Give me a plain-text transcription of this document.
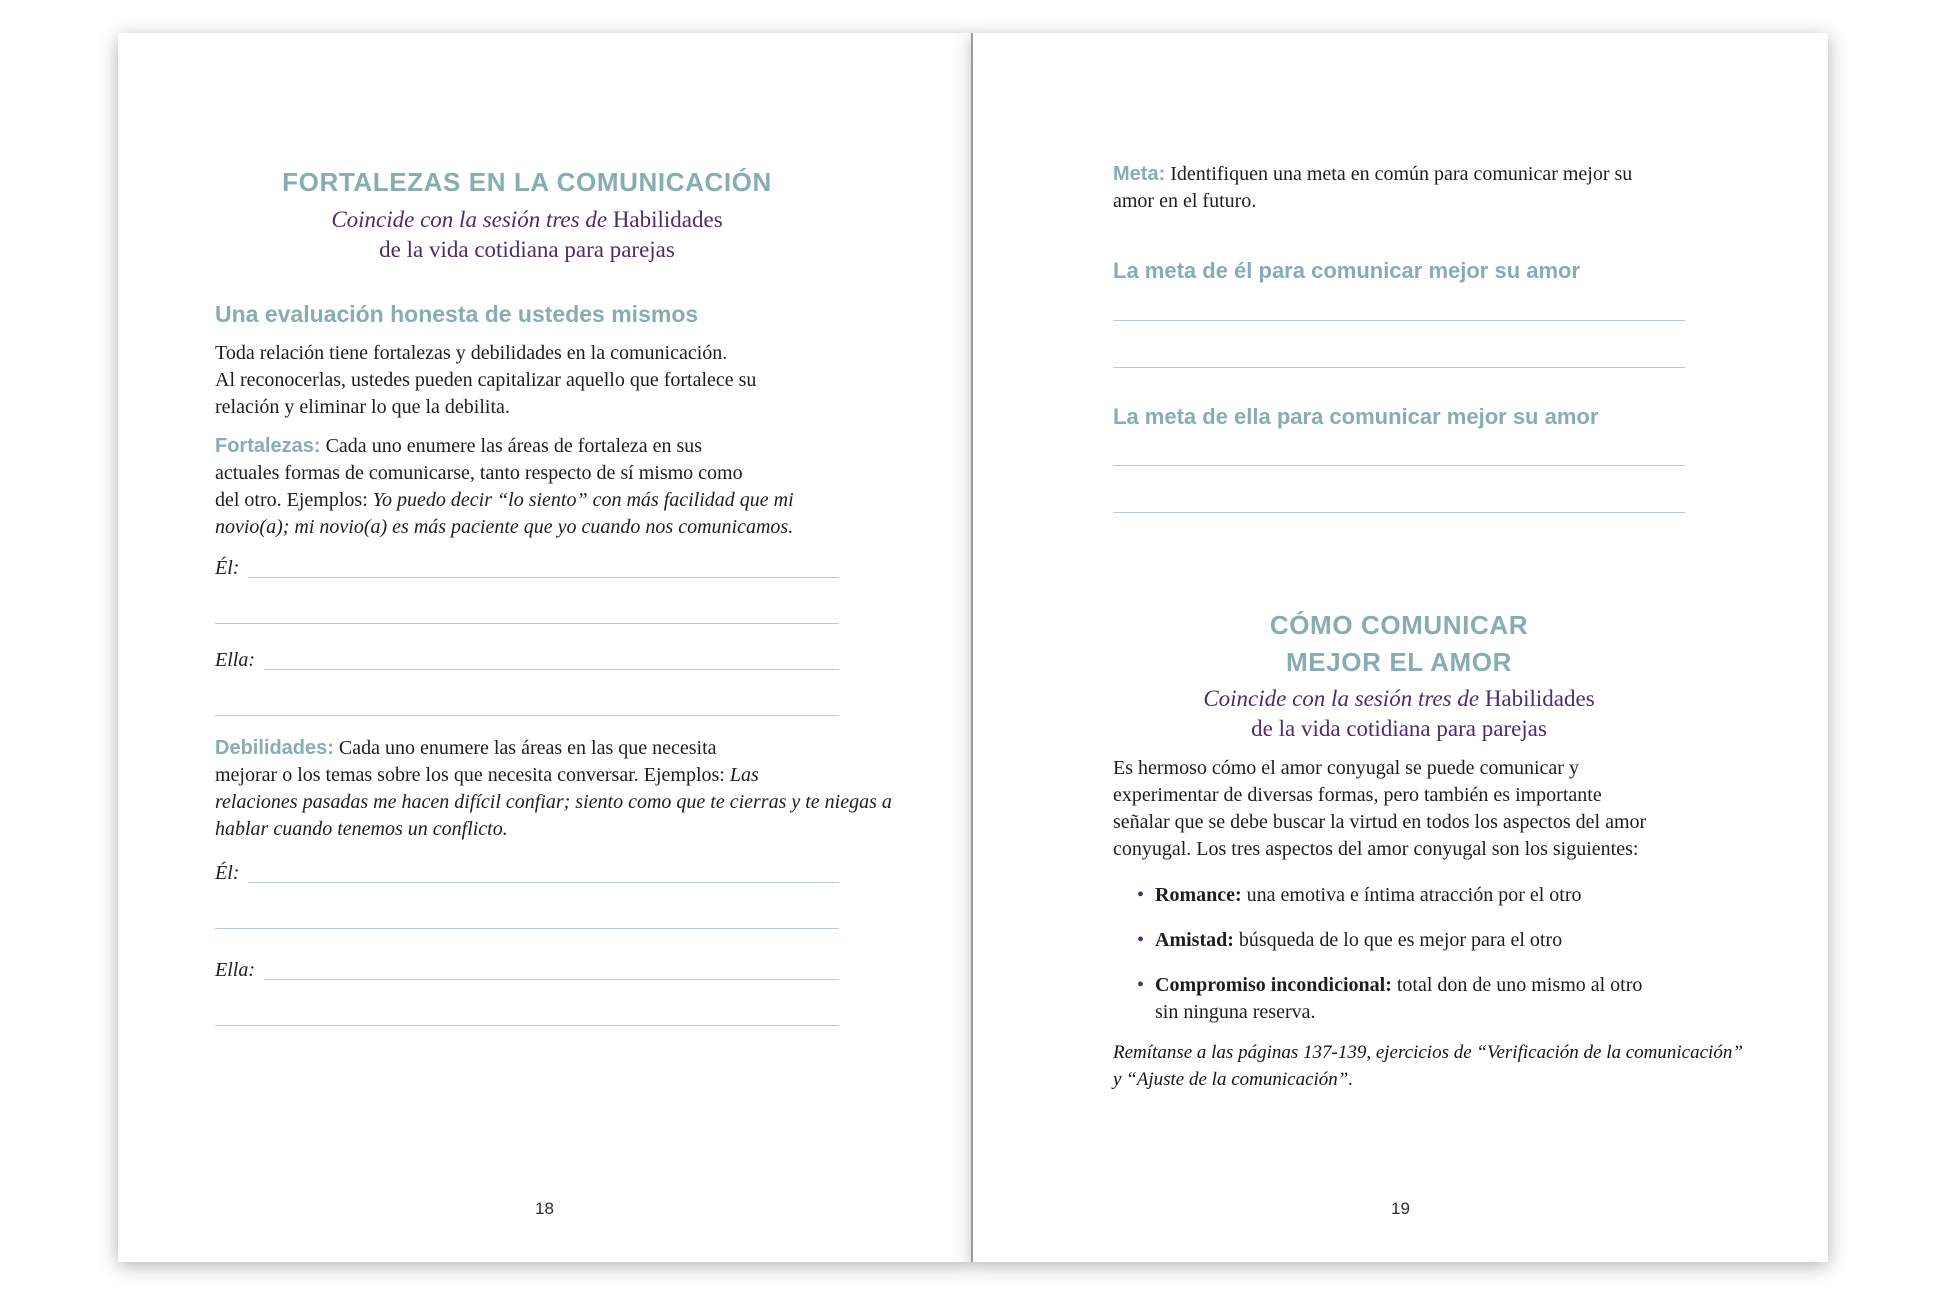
FORTALEZAS EN LA COMUNICACIÓN
Coincide con la sesión tres de Habilidades
de la vida cotidiana para parejas
Una evaluación honesta de ustedes mismos
Toda relación tiene fortalezas y debilidades en la comunicación.
Al reconocerlas, ustedes pueden capitalizar aquello que fortalece su
relación y eliminar lo que la debilita.
Fortalezas: Cada uno enumere las áreas de fortaleza en sus
actuales formas de comunicarse, tanto respecto de sí mismo como
del otro. Ejemplos: Yo puedo decir “lo siento” con más facilidad que mi
novio(a); mi novio(a) es más paciente que yo cuando nos comunicamos.
Él:
Ella:
Debilidades: Cada uno enumere las áreas en las que necesita
mejorar o los temas sobre los que necesita conversar. Ejemplos: Las
relaciones pasadas me hacen difícil confiar; siento como que te cierras y te niegas a
hablar cuando tenemos un conflicto.
Él:
Ella:
18
Meta: Identifiquen una meta en común para comunicar mejor su
amor en el futuro.
La meta de él para comunicar mejor su amor
La meta de ella para comunicar mejor su amor
CÓMO COMUNICAR
MEJOR EL AMOR
Coincide con la sesión tres de Habilidades
de la vida cotidiana para parejas
Es hermoso cómo el amor conyugal se puede comunicar y
experimentar de diversas formas, pero también es importante
señalar que se debe buscar la virtud en todos los aspectos del amor
conyugal. Los tres aspectos del amor conyugal son los siguientes:
• Romance: una emotiva e íntima atracción por el otro
• Amistad: búsqueda de lo que es mejor para el otro
• Compromiso incondicional: total don de uno mismo al otro
sin ninguna reserva.
Remítanse a las páginas 137-139, ejercicios de “Verificación de la comunicación”
y “Ajuste de la comunicación”.
19
